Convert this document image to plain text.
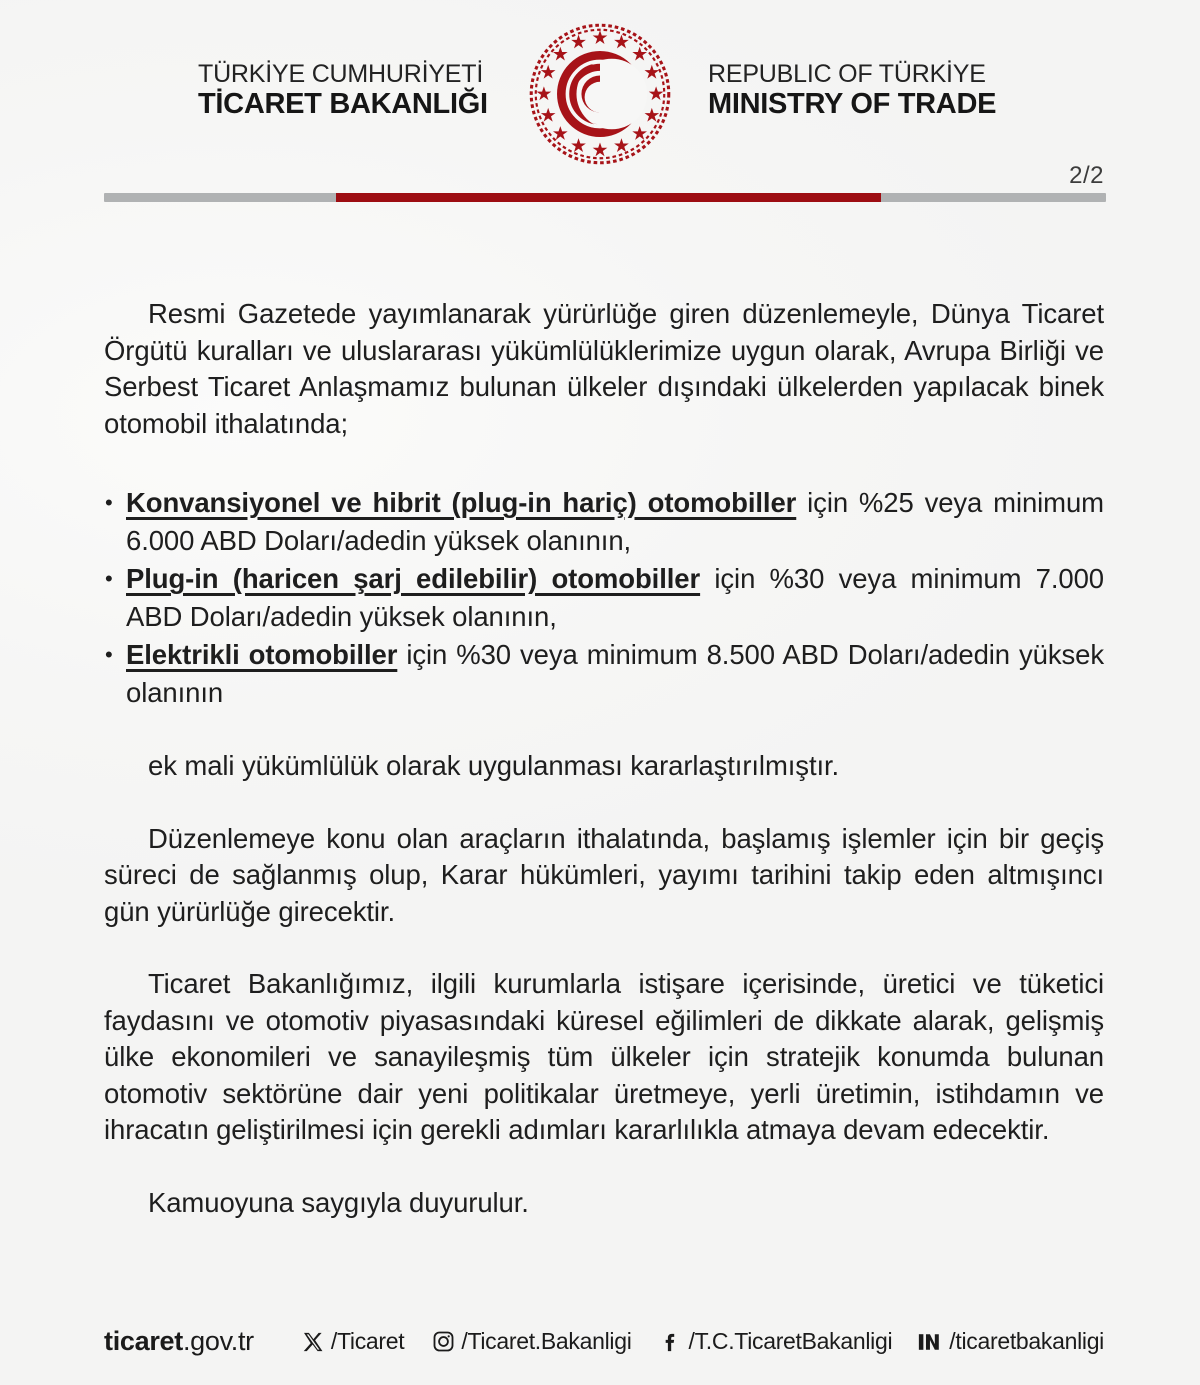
TÜRKİYE CUMHURİYETİ
TİCARET BAKANLIĞI
REPUBLIC OF TÜRKİYE
MINISTRY OF TRADE
2/2

Resmi Gazetede yayımlanarak yürürlüğe giren düzenlemeyle, Dünya Ticaret Örgütü kuralları ve uluslararası yükümlülüklerimize uygun olarak, Avrupa Birliği ve Serbest Ticaret Anlaşmamız bulunan ülkeler dışındaki ülkelerden yapılacak binek otomobil ithalatında;

• Konvansiyonel ve hibrit (plug-in hariç) otomobiller için %25 veya minimum 6.000 ABD Doları/adedin yüksek olanının,
• Plug-in (haricen şarj edilebilir) otomobiller için %30 veya minimum 7.000 ABD Doları/adedin yüksek olanının,
• Elektrikli otomobiller için %30 veya minimum 8.500 ABD Doları/adedin yüksek olanının
ek mali yükümlülük olarak uygulanması kararlaştırılmıştır.

Düzenlemeye konu olan araçların ithalatında, başlamış işlemler için bir geçiş süreci de sağlanmış olup, Karar hükümleri, yayımı tarihini takip eden altmışıncı gün yürürlüğe girecektir.

Ticaret Bakanlığımız, ilgili kurumlarla istişare içerisinde, üretici ve tüketici faydasını ve otomotiv piyasasındaki küresel eğilimleri de dikkate alarak, gelişmiş ülke ekonomileri ve sanayileşmiş tüm ülkeler için stratejik konumda bulunan otomotiv sektörüne dair yeni politikalar üretmeye, yerli üretimin, istihdamın ve ihracatın geliştirilmesi için gerekli adımları kararlılıkla atmaya devam edecektir.

Kamuoyuna saygıyla duyurulur.
ticaret.gov.tr	/Ticaret /Ticaret.Bakanligi /T.C.TicaretBakanligi /ticaretbakanligi
